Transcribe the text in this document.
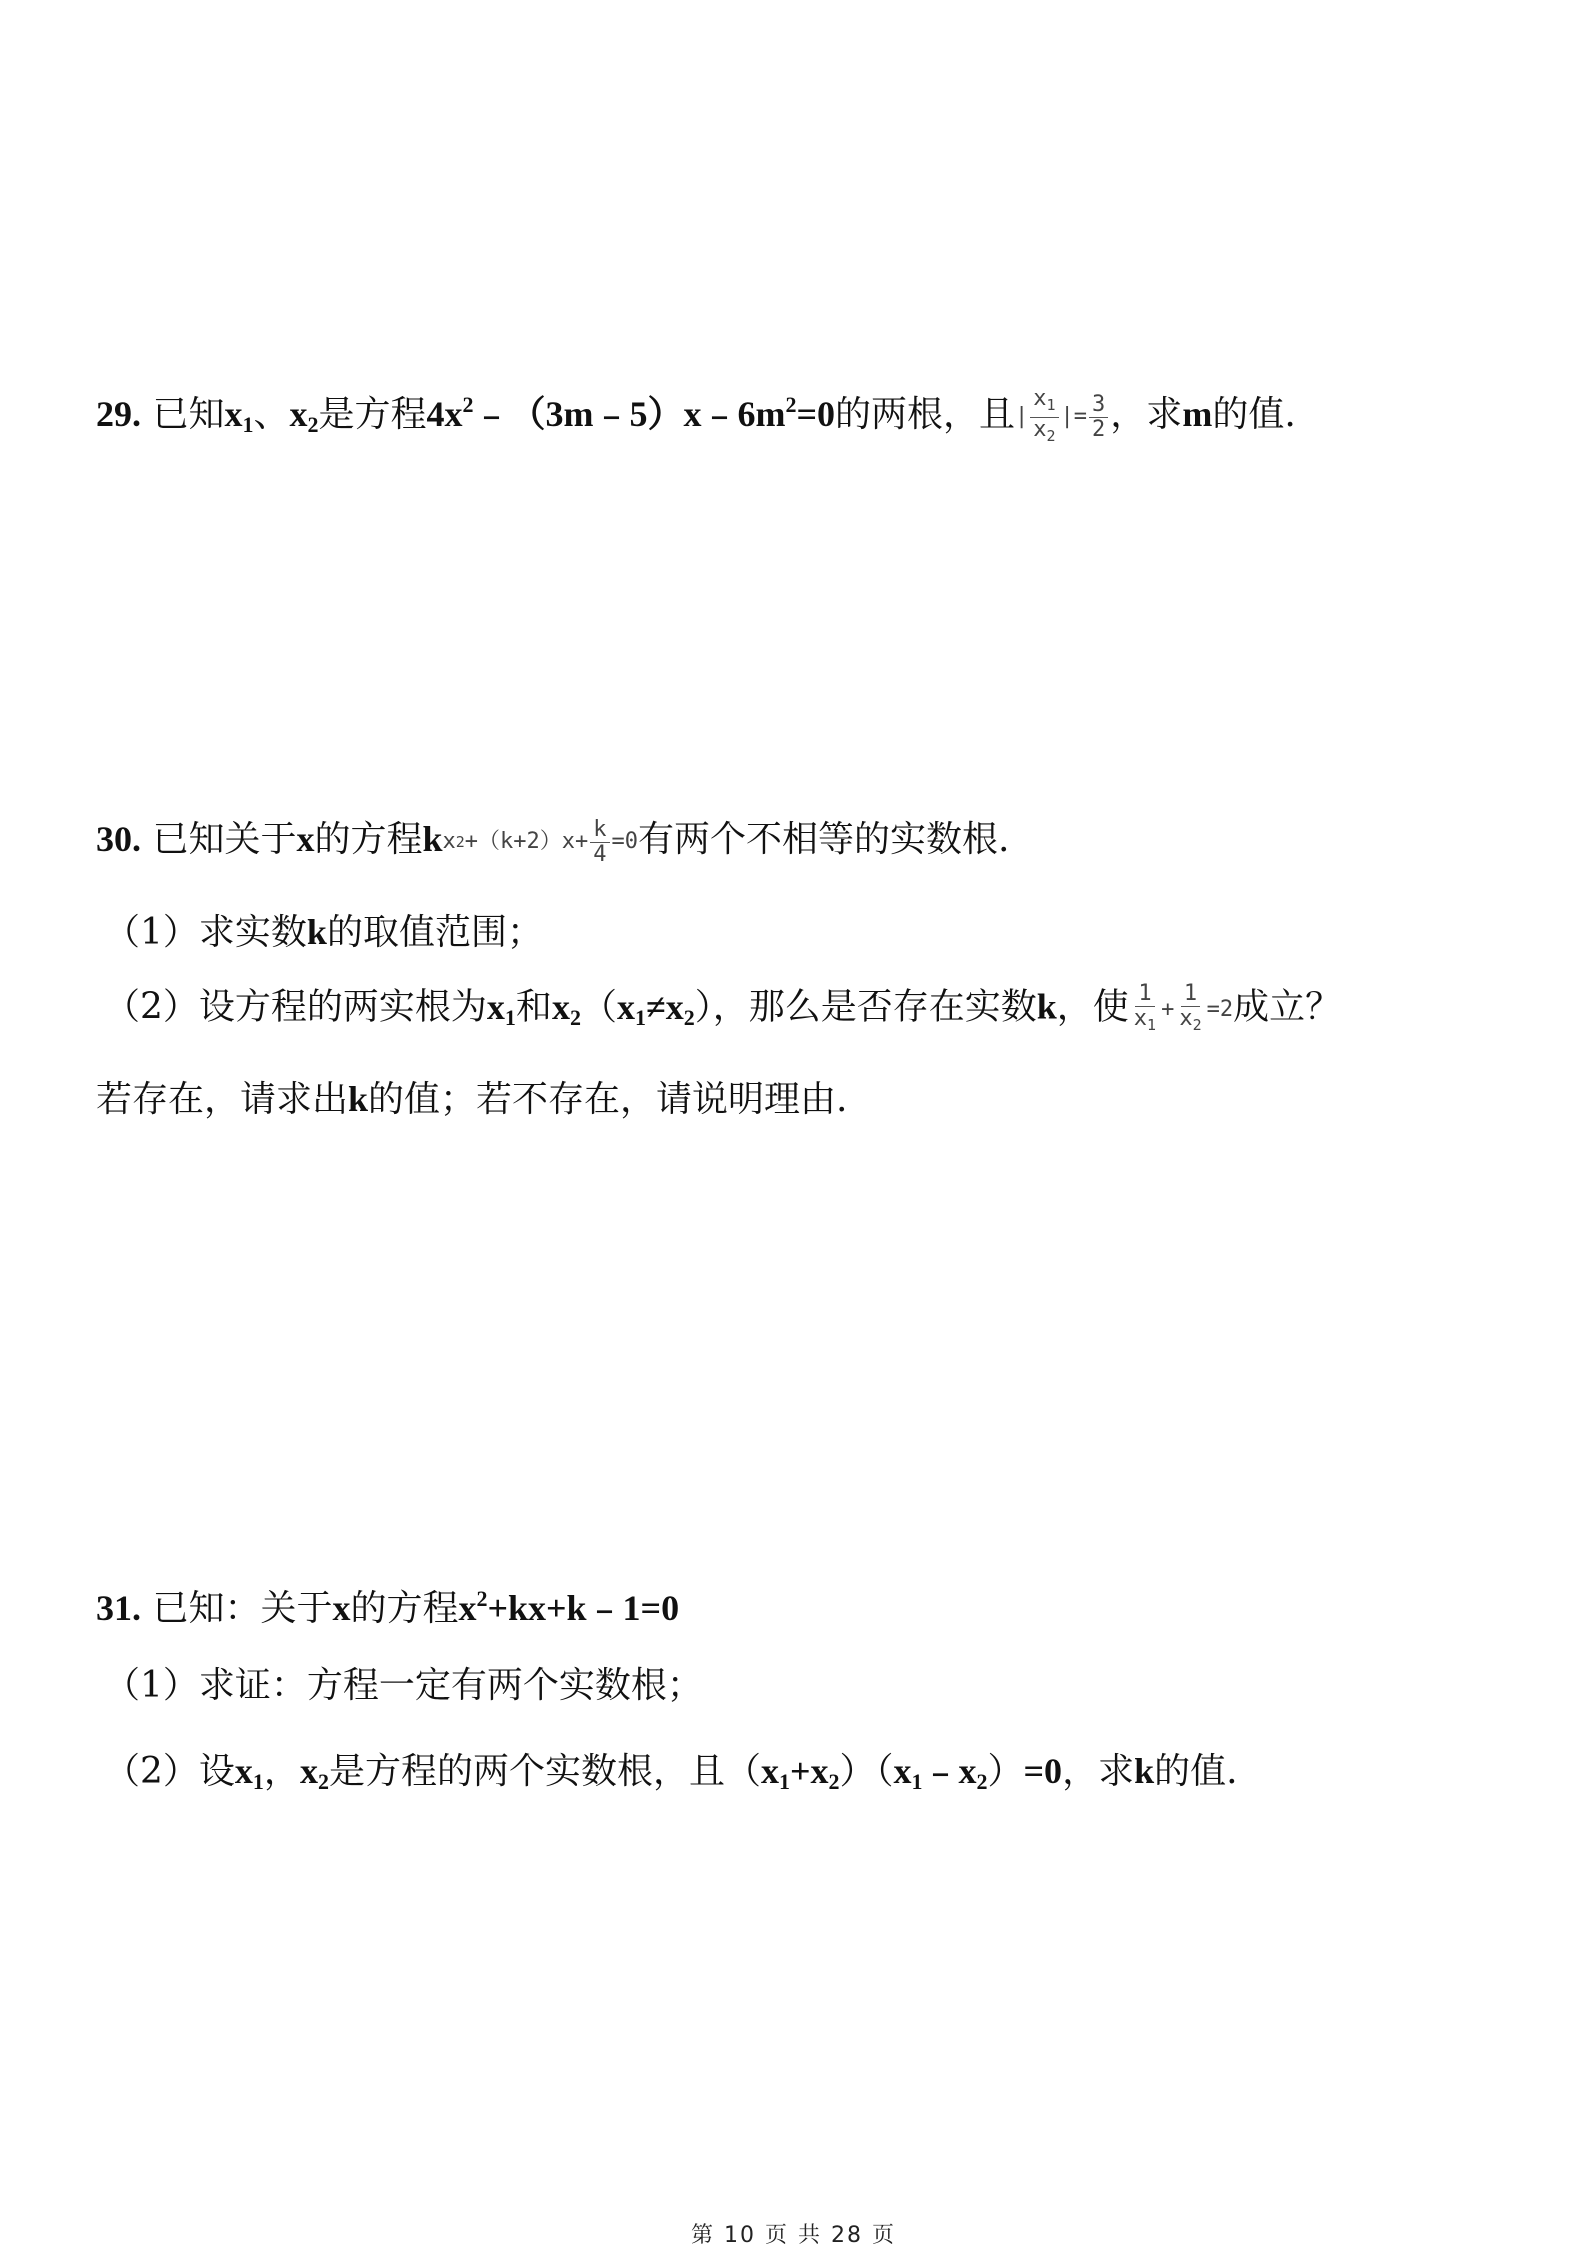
29. 已知$x_1$、$x_2$是方程$4x^2﹣(3m﹣5)x﹣6m^2=0$的两根，且 | $\frac{x_1}{x_2}$ |= $\frac{3}{2}$ ，求m的值.
30. 已知关于x的方程k x $2 +(k+2)x+ \frac{k}{4} =0$ 有两个不相等的实数根.
（1）求实数k的取值范围；
（2）设方程的两实根为$x_1$和$x_2(x_1\ne x_2)$，那么是否存在实数k，使 $\frac{1}{x_1} + \frac{1}{x_2} =2$ 成立？
若存在，请求出k的值；若不存在，请说明理由.
31. 已知：关于x的方程$x^2+kx+k﹣1=0$
（1）求证：方程一定有两个实数根；
（2）设$x_1$，$x_2$是方程的两个实数根，且$(x_1+x_2)(x_1﹣x_2)=0$，求k的值.
第 10 页 共 28 页
